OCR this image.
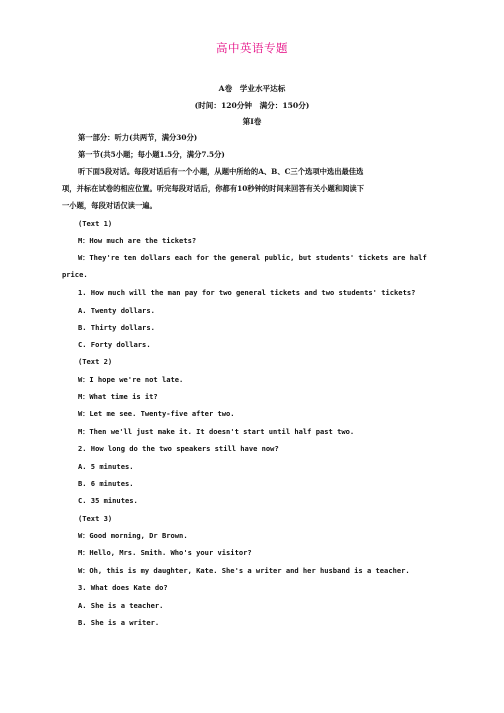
高中英语专题
A卷　学业水平达标
(时间：120分钟　满分：150分)
第Ⅰ卷
第一部分：听力(共两节，满分30分)
第一节(共5小题；每小题1.5分，满分7.5分)
听下面5段对话。每段对话后有一个小题，从题中所给的A、B、C三个选项中选出最佳选
项，并标在试卷的相应位置。听完每段对话后，你都有10秒钟的时间来回答有关小题和阅读下
一小题，每段对话仅读一遍。
(Text 1)
M：How much are the tickets?
W：They're ten dollars each for the general public, but students' tickets are half
price.
1. How much will the man pay for two general tickets and two students' tickets?
A. Twenty dollars.
B. Thirty dollars.
C. Forty dollars.
(Text 2)
W：I hope we're not late.
M：What time is it?
W：Let me see. Twenty-five after two.
M：Then we'll just make it. It doesn't start until half past two.
2. How long do the two speakers still have now?
A. 5 minutes.
B. 6 minutes.
C. 35 minutes.
(Text 3)
W：Good morning, Dr Brown.
M：Hello, Mrs. Smith. Who's your visitor?
W：Oh, this is my daughter, Kate. She's a writer and her husband is a teacher.
3. What does Kate do?
A. She is a teacher.
B. She is a writer.
